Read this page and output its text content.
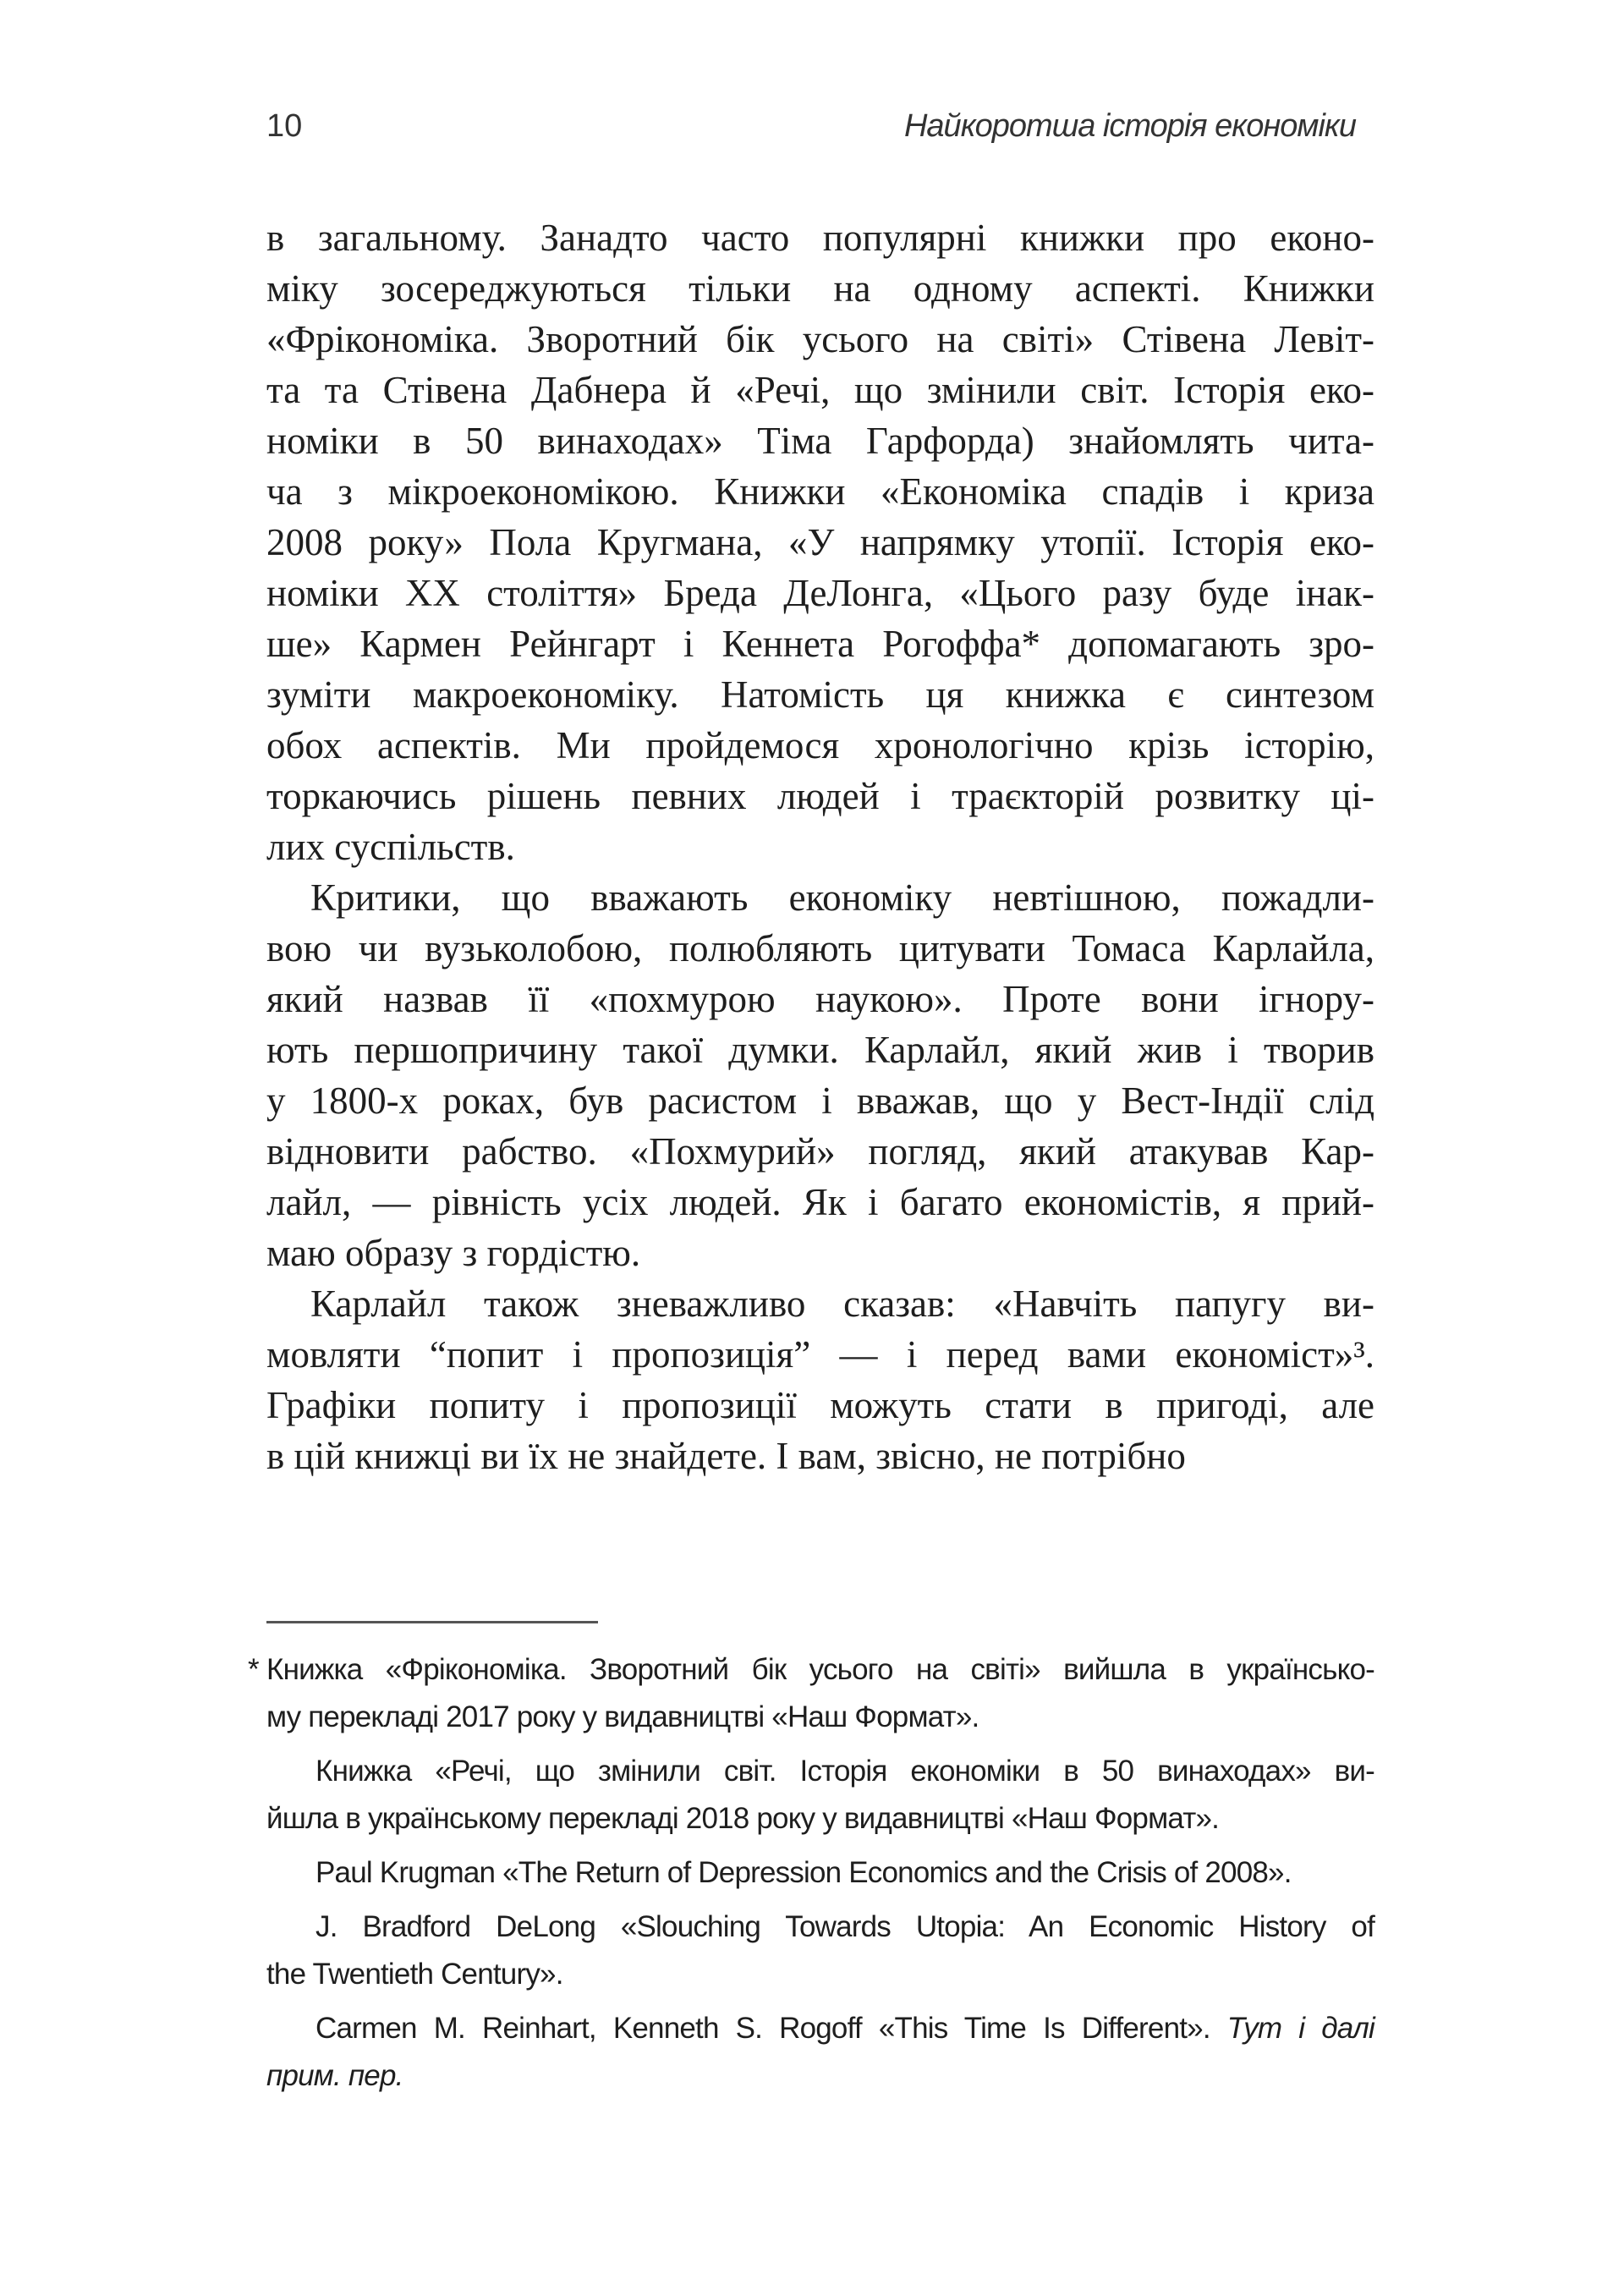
10	Найкоротша історія економіки
в загальному. Занадто часто популярні книжки про еконо-
міку зосереджуються тільки на одному аспекті. Книжки
«Фрікономіка. Зворотний бік усього на світі» Стівена Левіт-
та та Стівена Дабнера й «Речі, що змінили світ. Історія еко-
номіки в 50 винаходах» Тіма Гарфорда) знайомлять чита-
ча з мікроекономікою. Книжки «Економіка спадів і криза
2008 року» Пола Кругмана, «У напрямку утопії. Історія еко-
номіки XX століття» Бреда ДеЛонга, «Цього разу буде інак-
ше» Кармен Рейнгарт і Кеннета Рогоффа* допомагають зро-
зуміти макроекономіку. Натомість ця книжка є синтезом
обох аспектів. Ми пройдемося хронологічно крізь історію,
торкаючись рішень певних людей і траєкторій розвитку ці-
лих суспільств.
Критики, що вважають економіку невтішною, пожадли-
вою чи вузьколобою, полюбляють цитувати Томаса Карлайла,
який назвав її «похмурою наукою». Проте вони ігнору-
ють першопричину такої думки. Карлайл, який жив і творив
у 1800-х роках, був расистом і вважав, що у Вест-Індії слід
відновити рабство. «Похмурий» погляд, який атакував Кар-
лайл, — рівність усіх людей. Як і багато економістів, я прий-
маю образу з гордістю.
Карлайл також зневажливо сказав: «Навчіть папугу ви-
мовляти “попит і пропозиція” — і перед вами економіст»³.
Графіки попиту і пропозиції можуть стати в пригоді, але
в цій книжці ви їх не знайдете. І вам, звісно, не потрібно
* Книжка «Фрікономіка. Зворотний бік усього на світі» вийшла в українсько-
му перекладі 2017 року у видавництві «Наш Формат».
Книжка «Речі, що змінили світ. Історія економіки в 50 винаходах» ви-
йшла в українському перекладі 2018 року у видавництві «Наш Формат».
Paul Krugman «The Return of Depression Economics and the Crisis of 2008».
J. Bradford DeLong «Slouching Towards Utopia: An Economic History of
the Twentieth Century».
Carmen M. Reinhart, Kenneth S. Rogoff «This Time Is Different». Тут і далі
прим. пер.
